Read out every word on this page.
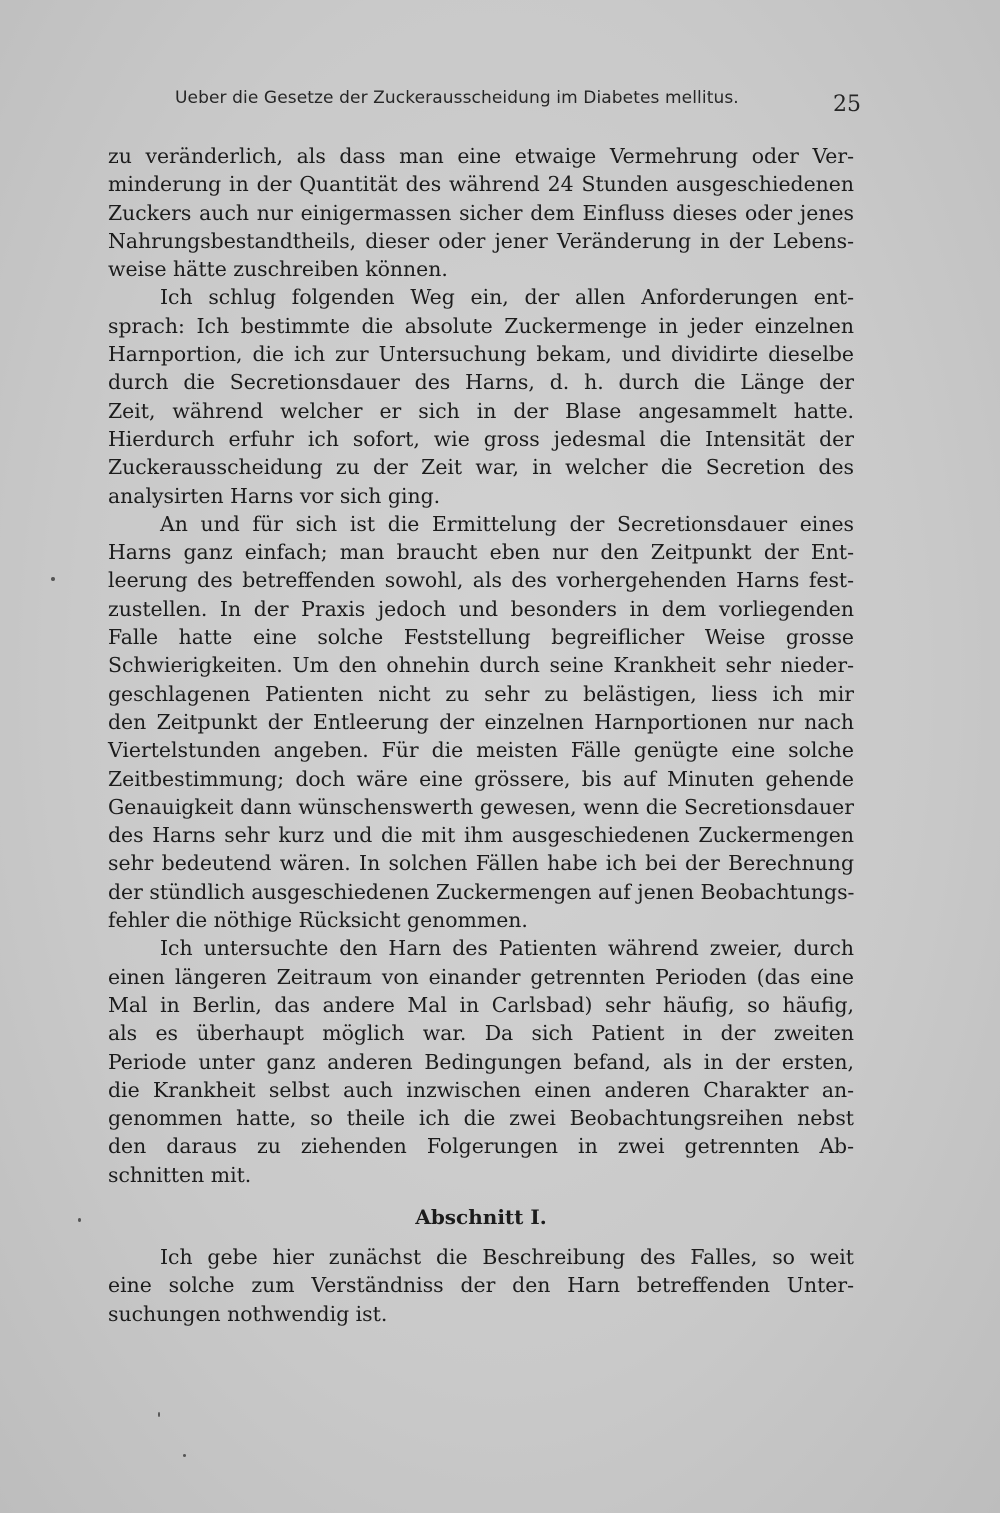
Ueber die Gesetze der Zuckerausscheidung im Diabetes mellitus.	25
zu veränderlich, als dass man eine etwaige Vermehrung oder Ver-
minderung in der Quantität des während 24 Stunden ausgeschiedenen
Zuckers auch nur einigermassen sicher dem Einfluss dieses oder jenes
Nahrungsbestandtheils, dieser oder jener Veränderung in der Lebens-
weise hätte zuschreiben können.
Ich schlug folgenden Weg ein, der allen Anforderungen ent-
sprach: Ich bestimmte die absolute Zuckermenge in jeder einzelnen
Harnportion, die ich zur Untersuchung bekam, und dividirte dieselbe
durch die Secretionsdauer des Harns, d. h. durch die Länge der
Zeit, während welcher er sich in der Blase angesammelt hatte.
Hierdurch erfuhr ich sofort, wie gross jedesmal die Intensität der
Zuckerausscheidung zu der Zeit war, in welcher die Secretion des
analysirten Harns vor sich ging.
An und für sich ist die Ermittelung der Secretionsdauer eines
Harns ganz einfach; man braucht eben nur den Zeitpunkt der Ent-
leerung des betreffenden sowohl, als des vorhergehenden Harns fest-
zustellen. In der Praxis jedoch und besonders in dem vorliegenden
Falle hatte eine solche Feststellung begreiflicher Weise grosse
Schwierigkeiten. Um den ohnehin durch seine Krankheit sehr nieder-
geschlagenen Patienten nicht zu sehr zu belästigen, liess ich mir
den Zeitpunkt der Entleerung der einzelnen Harnportionen nur nach
Viertelstunden angeben. Für die meisten Fälle genügte eine solche
Zeitbestimmung; doch wäre eine grössere, bis auf Minuten gehende
Genauigkeit dann wünschenswerth gewesen, wenn die Secretionsdauer
des Harns sehr kurz und die mit ihm ausgeschiedenen Zuckermengen
sehr bedeutend wären. In solchen Fällen habe ich bei der Berechnung
der stündlich ausgeschiedenen Zuckermengen auf jenen Beobachtungs-
fehler die nöthige Rücksicht genommen.
Ich untersuchte den Harn des Patienten während zweier, durch
einen längeren Zeitraum von einander getrennten Perioden (das eine
Mal in Berlin, das andere Mal in Carlsbad) sehr häufig, so häufig,
als es überhaupt möglich war. Da sich Patient in der zweiten
Periode unter ganz anderen Bedingungen befand, als in der ersten,
die Krankheit selbst auch inzwischen einen anderen Charakter an-
genommen hatte, so theile ich die zwei Beobachtungsreihen nebst
den daraus zu ziehenden Folgerungen in zwei getrennten Ab-
schnitten mit.
Abschnitt I.
Ich gebe hier zunächst die Beschreibung des Falles, so weit
eine solche zum Verständniss der den Harn betreffenden Unter-
suchungen nothwendig ist.
